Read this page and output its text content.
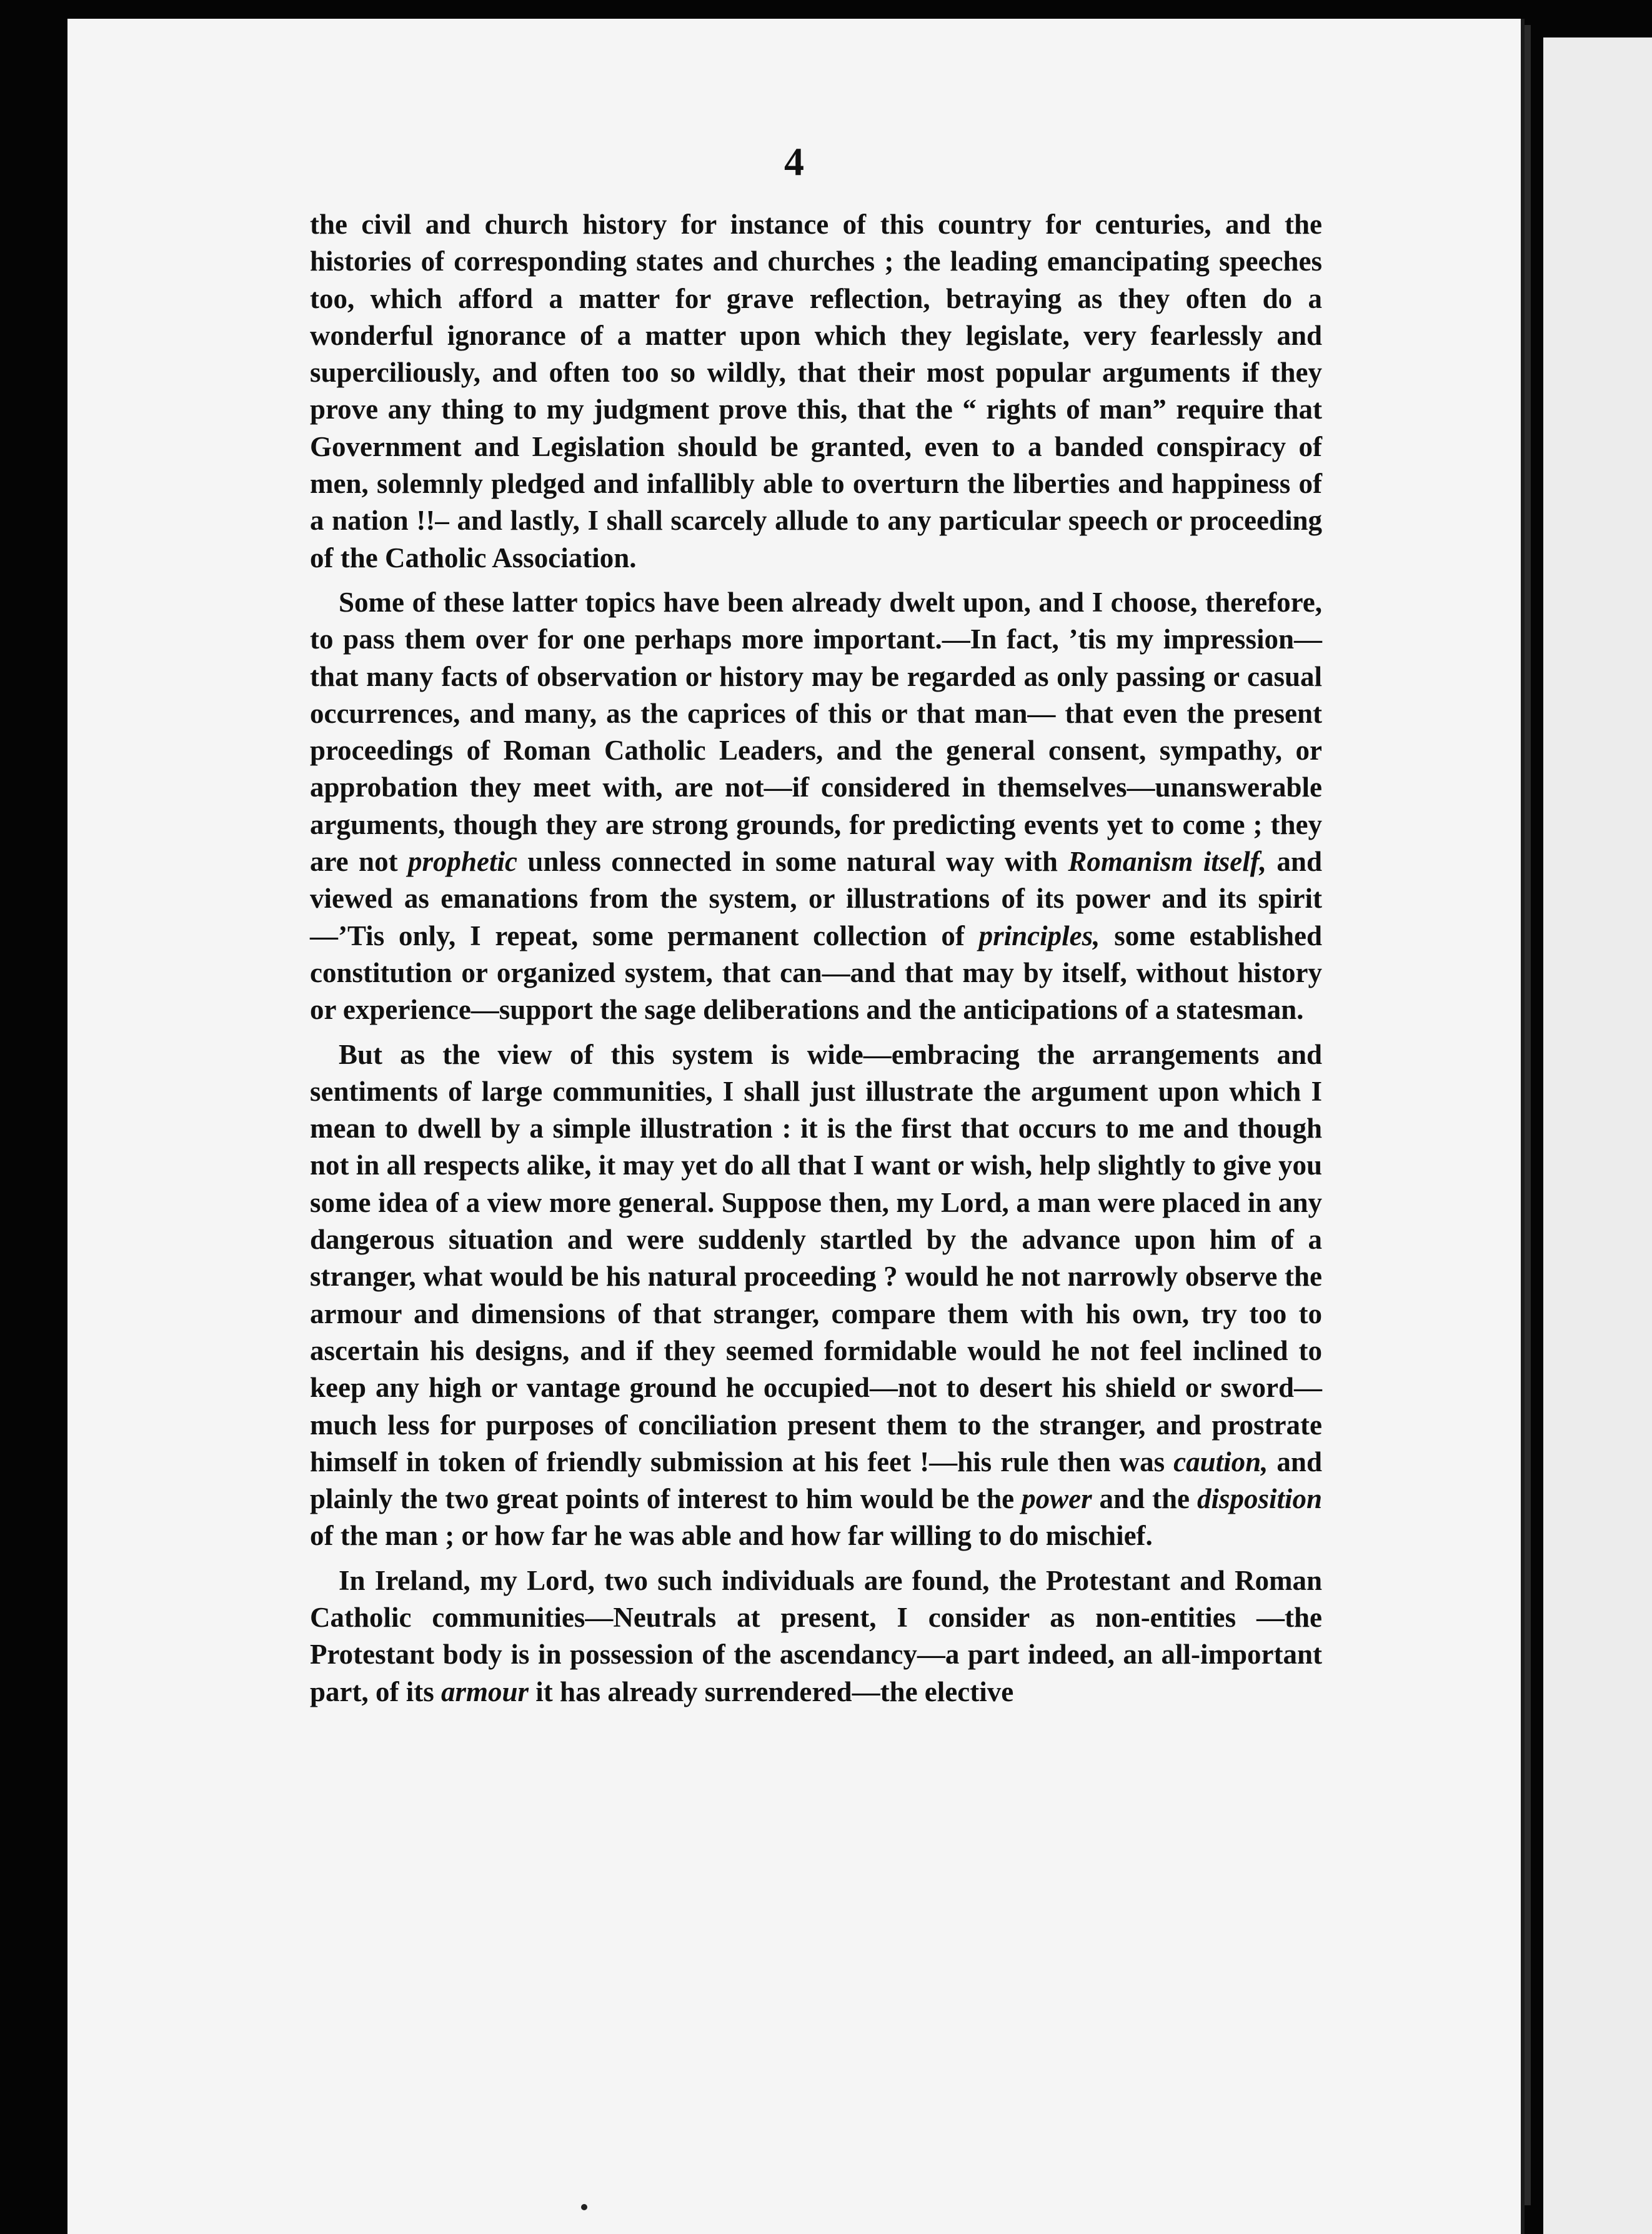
4

the civil and church history for instance of this country for centuries, and the histories of corresponding states and churches ; the leading emancipating speeches too, which afford a matter for grave reflection, betraying as they often do a wonderful ignorance of a matter upon which they legislate, very fearlessly and superciliously, and often too so wildly, that their most popular arguments if they prove any thing to my judgment prove this, that the “ rights of man” require that Government and Legislation should be granted, even to a banded conspiracy of men, solemnly pledged and infallibly able to overturn the liberties and happiness of a nation !!– and lastly, I shall scarcely allude to any particular speech or proceeding of the Catholic Association.

Some of these latter topics have been already dwelt upon, and I choose, therefore, to pass them over for one perhaps more important.—In fact, ’tis my impression—that many facts of observation or history may be regarded as only passing or casual occurrences, and many, as the caprices of this or that man— that even the present proceedings of Roman Catholic Leaders, and the general consent, sympathy, or approbation they meet with, are not—if considered in themselves—unanswerable arguments, though they are strong grounds, for predicting events yet to come ; they are not prophetic unless connected in some natural way with Romanism itself, and viewed as emanations from the system, or illustrations of its power and its spirit—’Tis only, I repeat, some permanent collection of principles, some established constitution or organized system, that can—and that may by itself, without history or experience—support the sage deliberations and the anticipations of a statesman.

But as the view of this system is wide—embracing the arrangements and sentiments of large communities, I shall just illustrate the argument upon which I mean to dwell by a simple illustration : it is the first that occurs to me and though not in all respects alike, it may yet do all that I want or wish, help slightly to give you some idea of a view more general. Suppose then, my Lord, a man were placed in any dangerous situation and were suddenly startled by the advance upon him of a stranger, what would be his natural proceeding ? would he not narrowly observe the armour and dimensions of that stranger, compare them with his own, try too to ascertain his designs, and if they seemed formidable would he not feel inclined to keep any high or vantage ground he occupied—not to desert his shield or sword—much less for purposes of conciliation present them to the stranger, and prostrate himself in token of friendly submission at his feet !—his rule then was caution, and plainly the two great points of interest to him would be the power and the disposition of the man ; or how far he was able and how far willing to do mischief.

In Ireland, my Lord, two such individuals are found, the Protestant and Roman Catholic communities—Neutrals at present, I consider as non-entities —the Protestant body is in possession of the ascendancy—a part indeed, an all-important part, of its armour it has already surrendered—the elective
